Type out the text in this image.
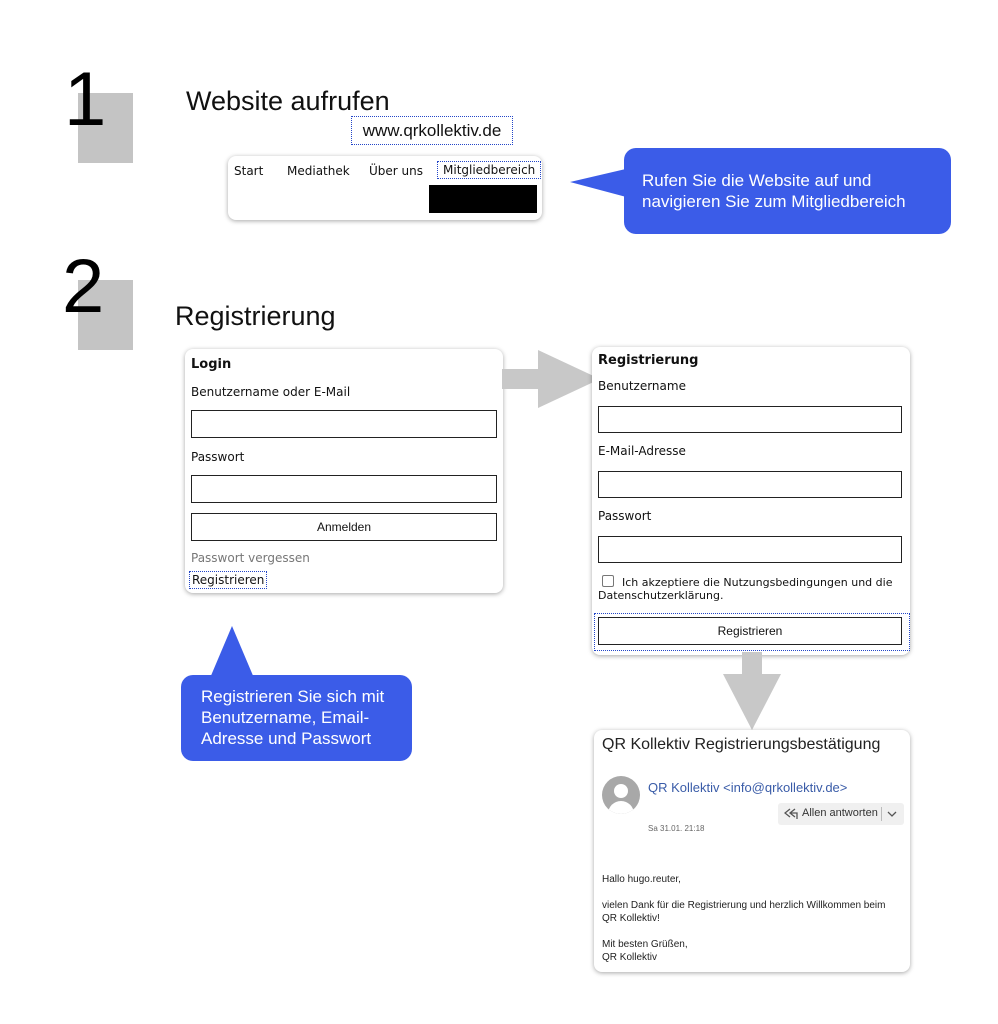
1	Website aufrufen
www.qrkollektiv.de
Start Mediathek Über uns	Mitgliedbereich
Rufen Sie die Website auf und
navigieren Sie zum Mitgliedbereich
2	Registrierung
Login
Benutzername oder E-Mail
Passwort
Anmelden
Passwort vergessen
Registrieren
Registrierung
Benutzername
E-Mail-Adresse
Passwort
Ich akzeptiere die Nutzungsbedingungen und die
Datenschutzerklärung.
Registrieren
Registrieren Sie sich mit
Benutzername, Email-
Adresse und Passwort	QR Kollektiv Registrierungsbestätigung
QR Kollektiv <info@qrkollektiv.de>
Allen antworten
Sa 31.01. 21:18
Hallo hugo.reuter,
vielen Dank für die Registrierung und herzlich Willkommen beim
QR Kollektiv!
Mit besten Grüßen,
QR Kollektiv
